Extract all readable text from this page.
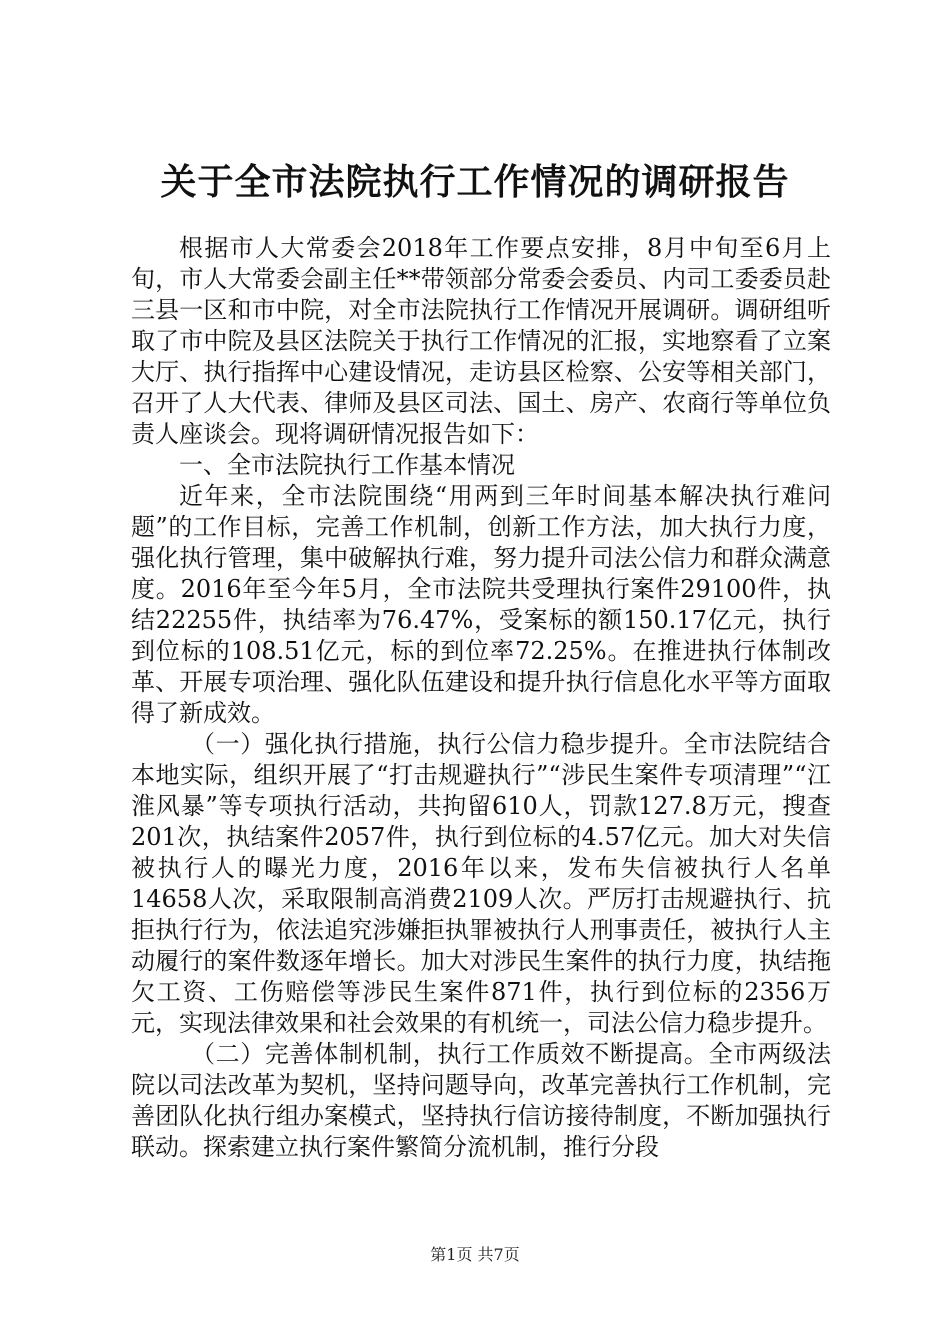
关于全市法院执行工作情况的调研报告

根据市人大常委会2018年工作要点安排，8月中旬至6月上旬，市人大常委会副主任**带领部分常委会委员、内司工委委员赴三县一区和市中院，对全市法院执行工作情况开展调研。调研组听取了市中院及县区法院关于执行工作情况的汇报，实地察看了立案大厅、执行指挥中心建设情况，走访县区检察、公安等相关部门，召开了人大代表、律师及县区司法、国土、房产、农商行等单位负责人座谈会。现将调研情况报告如下：

一、全市法院执行工作基本情况

近年来，全市法院围绕“用两到三年时间基本解决执行难问题”的工作目标，完善工作机制，创新工作方法，加大执行力度，强化执行管理，集中破解执行难，努力提升司法公信力和群众满意度。2016年至今年5月，全市法院共受理执行案件29100件，执结22255件，执结率为76.47%，受案标的额150.17亿元，执行到位标的108.51亿元，标的到位率72.25%。在推进执行体制改革、开展专项治理、强化队伍建设和提升执行信息化水平等方面取得了新成效。

（一）强化执行措施，执行公信力稳步提升。全市法院结合本地实际，组织开展了“打击规避执行”“涉民生案件专项清理”“江淮风暴”等专项执行活动，共拘留610人，罚款127.8万元，搜查201次，执结案件2057件，执行到位标的4.57亿元。加大对失信被执行人的曝光力度，2016年以来，发布失信被执行人名单14658人次，采取限制高消费2109人次。严厉打击规避执行、抗拒执行行为，依法追究涉嫌拒执罪被执行人刑事责任，被执行人主动履行的案件数逐年增长。加大对涉民生案件的执行力度，执结拖欠工资、工伤赔偿等涉民生案件871件，执行到位标的2356万元，实现法律效果和社会效果的有机统一，司法公信力稳步提升。

（二）完善体制机制，执行工作质效不断提高。全市两级法院以司法改革为契机，坚持问题导向，改革完善执行工作机制，完善团队化执行组办案模式，坚持执行信访接待制度，不断加强执行联动。探索建立执行案件繁简分流机制，推行分段

第1页 共7页
